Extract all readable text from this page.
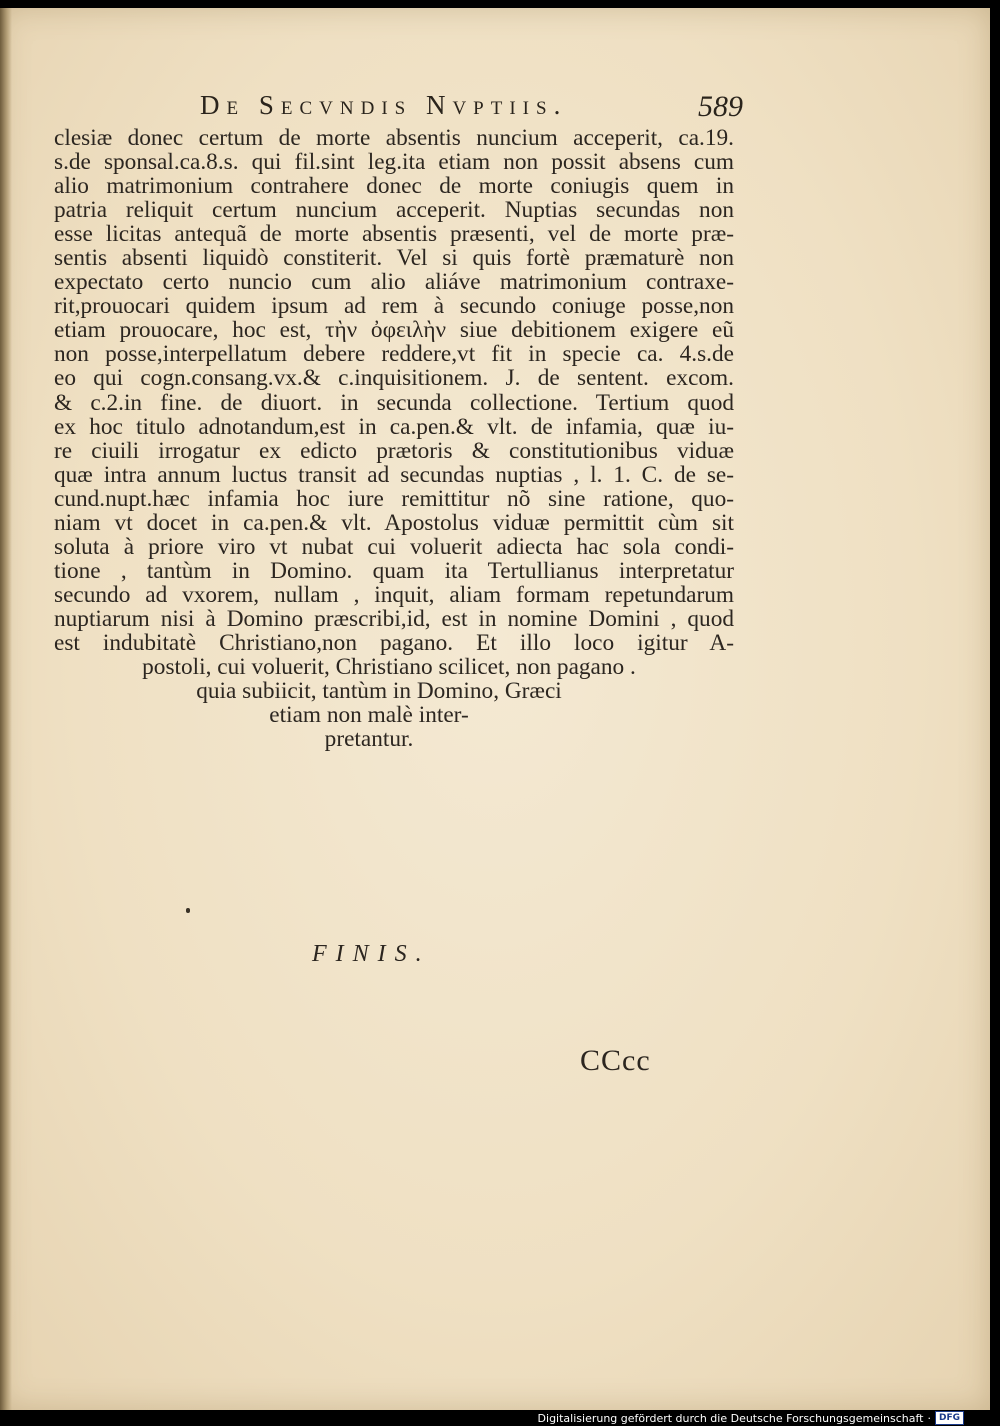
De Secvndis Nvptiis.	589
clesiæ donec certum de morte absentis nuncium acceperit, ca.19.
s.de sponsal.ca.8.s. qui fil.sint leg.ita etiam non possit absens cum
alio matrimonium contrahere donec de morte coniugis quem in
patria reliquit certum nuncium acceperit. Nuptias secundas non
esse licitas antequã de morte absentis præsenti, vel de morte præ-
sentis absenti liquidò constiterit. Vel si quis fortè præmaturè non
expectato certo nuncio cum alio aliáve matrimonium contraxe-
rit,prouocari quidem ipsum ad rem à secundo coniuge posse,non
etiam prouocare, hoc est, τὴν ὀφειλὴν siue debitionem exigere eũ
non posse,interpellatum debere reddere,vt fit in specie ca. 4.s.de
eo qui cogn.consang.vx.& c.inquisitionem. J. de sentent. excom.
& c.2.in fine. de diuort. in secunda collectione. Tertium quod
ex hoc titulo adnotandum,est in ca.pen.& vlt. de infamia, quæ iu-
re ciuili irrogatur ex edicto prætoris & constitutionibus viduæ
quæ intra annum luctus transit ad secundas nuptias , l. 1. C. de se-
cund.nupt.hæc infamia hoc iure remittitur nõ sine ratione, quo-
niam vt docet in ca.pen.& vlt. Apostolus viduæ permittit cùm sit
soluta à priore viro vt nubat cui voluerit adiecta hac sola condi-
tione , tantùm in Domino. quam ita Tertullianus interpretatur
secundo ad vxorem, nullam , inquit, aliam formam repetundarum
nuptiarum nisi à Domino præscribi,id, est in nomine Domini , quod
est indubitatè Christiano,non pagano. Et illo loco igitur A-
postoli, cui voluerit, Christiano scilicet, non pagano .
quia subiicit, tantùm in Domino, Græci
etiam non malè inter-
pretantur.
FINIS.
CCcc
Digitalisierung gefördert durch die Deutsche Forschungsgemeinschaft · DFG
